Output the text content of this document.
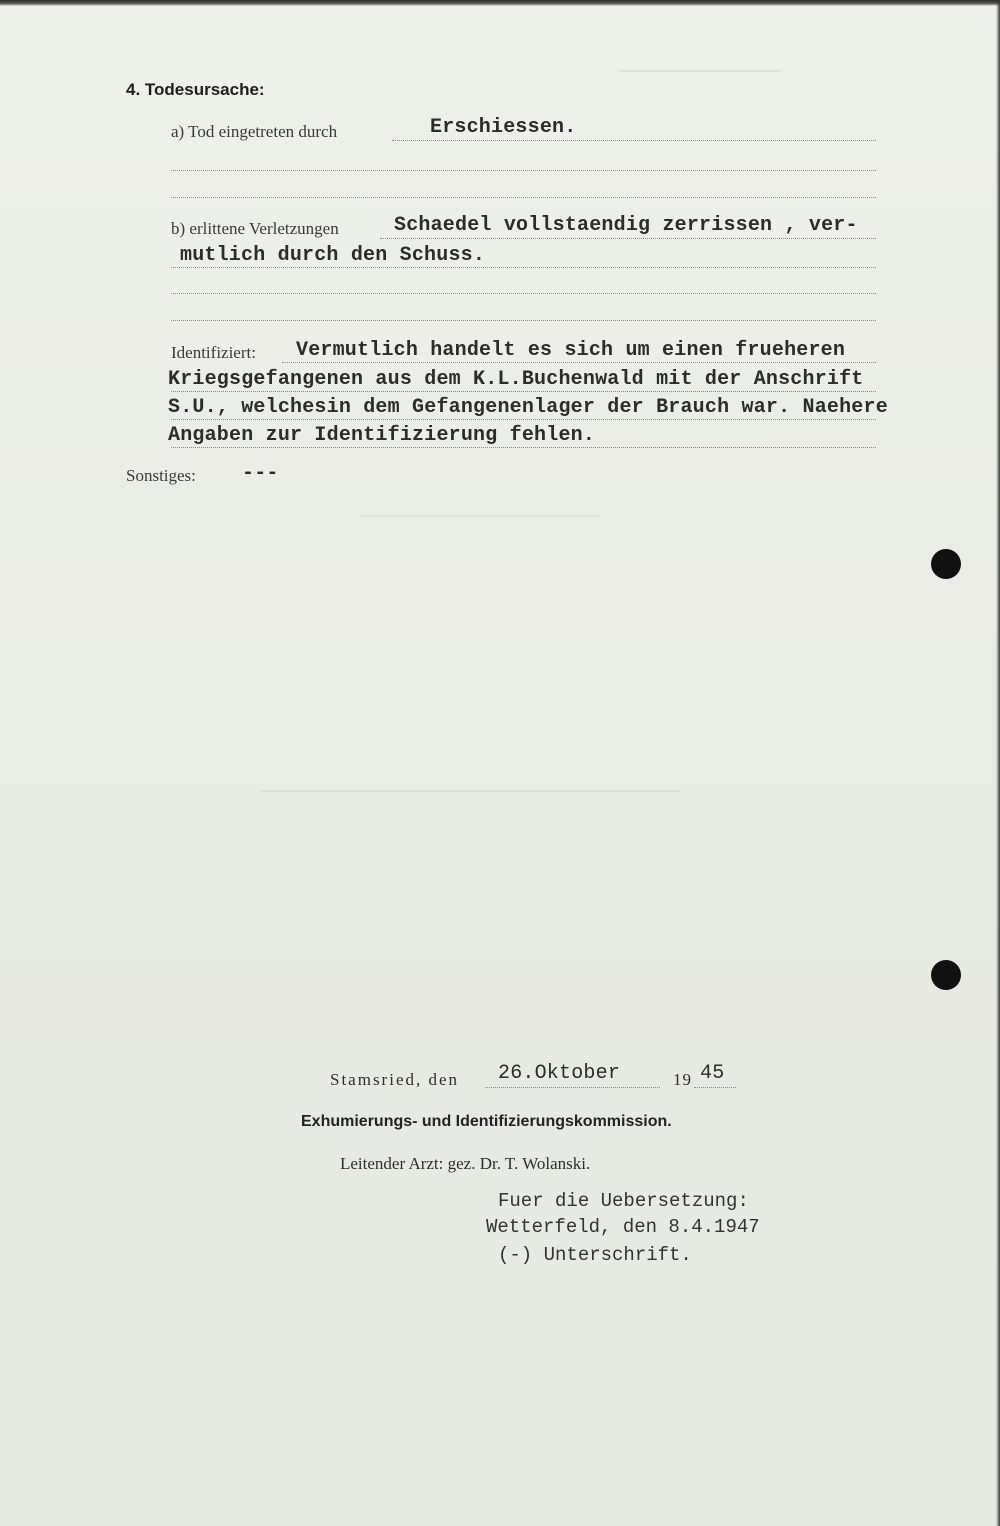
4. Todesursache:
a) Tod eingetreten durch	Erschiessen.
b) erlittene Verletzungen	Schaedel vollstaendig zerrissen , ver-
mutlich durch den Schuss.
Identifiziert: Vermutlich handelt es sich um einen frueheren
Kriegsgefangenen aus dem K.L.Buchenwald mit der Anschrift
S.U., welchesin dem Gefangenenlager der Brauch war. Naehere
Angaben zur Identifizierung fehlen.
Sonstiges: ---
Stamsried, den 26.Oktober	19 45
Exhumierungs- und Identifizierungskommission.
Leitender Arzt: gez. Dr. T. Wolanski.
Fuer die Uebersetzung:
Wetterfeld, den 8.4.1947
(-) Unterschrift.
